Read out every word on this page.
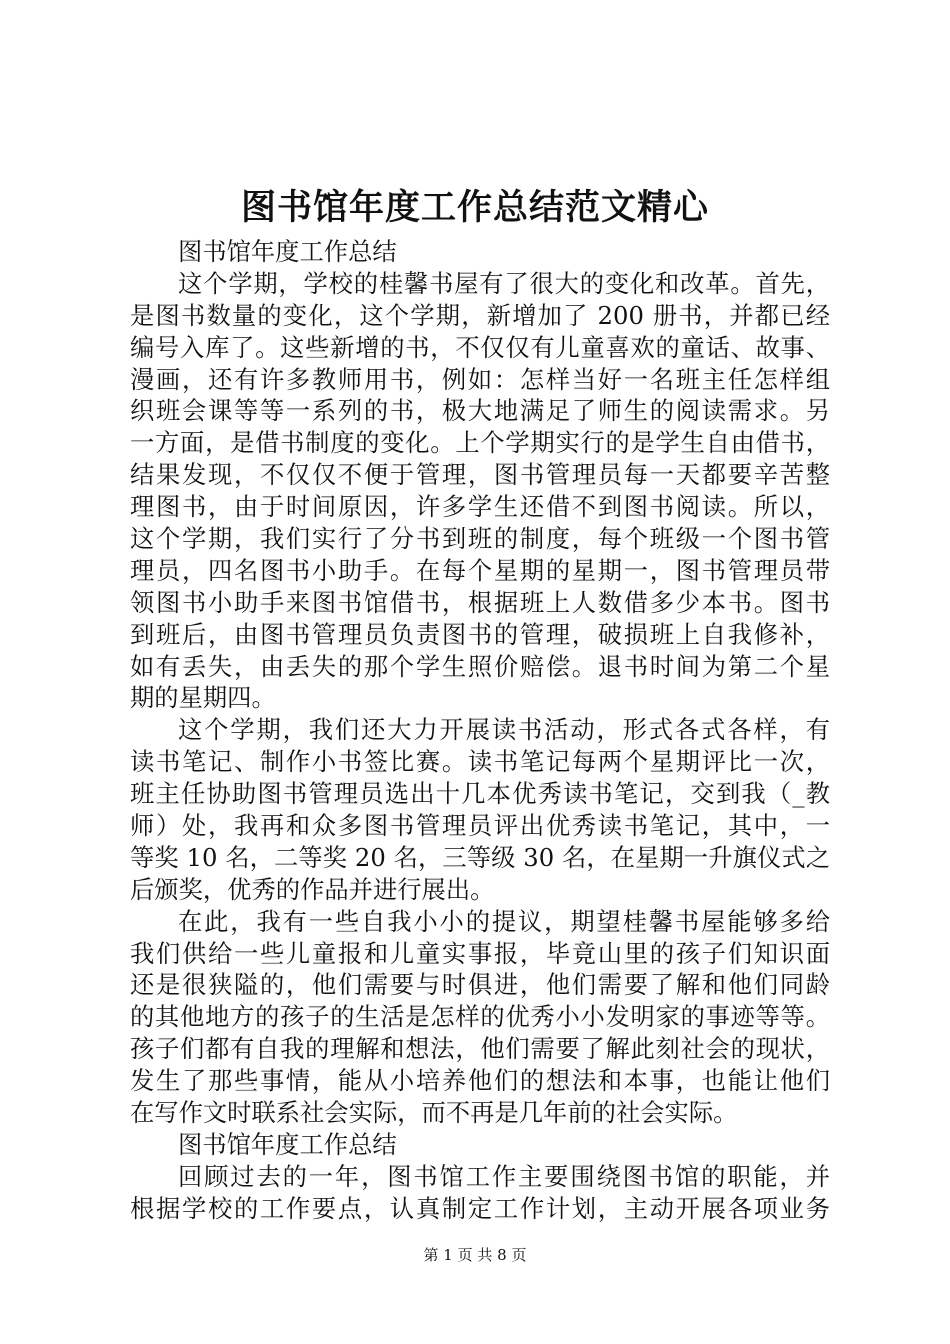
图书馆年度工作总结范文精心
图书馆年度工作总结
这个学期，学校的桂馨书屋有了很大的变化和改革。首先，
是图书数量的变化，这个学期，新增加了 200 册书，并都已经
编号入库了。这些新增的书，不仅仅有儿童喜欢的童话、故事、
漫画，还有许多教师用书，例如：怎样当好一名班主任怎样组
织班会课等等一系列的书，极大地满足了师生的阅读需求。另
一方面，是借书制度的变化。上个学期实行的是学生自由借书，
结果发现，不仅仅不便于管理，图书管理员每一天都要辛苦整
理图书，由于时间原因，许多学生还借不到图书阅读。所以，
这个学期，我们实行了分书到班的制度，每个班级一个图书管
理员，四名图书小助手。在每个星期的星期一，图书管理员带
领图书小助手来图书馆借书，根据班上人数借多少本书。图书
到班后，由图书管理员负责图书的管理，破损班上自我修补，
如有丢失，由丢失的那个学生照价赔偿。退书时间为第二个星
期的星期四。
这个学期，我们还大力开展读书活动，形式各式各样，有
读书笔记、制作小书签比赛。读书笔记每两个星期评比一次，
班主任协助图书管理员选出十几本优秀读书笔记，交到我（_教
师）处，我再和众多图书管理员评出优秀读书笔记，其中，一
等奖 10 名，二等奖 20 名，三等级 30 名，在星期一升旗仪式之
后颁奖，优秀的作品并进行展出。
在此，我有一些自我小小的提议，期望桂馨书屋能够多给
我们供给一些儿童报和儿童实事报，毕竟山里的孩子们知识面
还是很狭隘的，他们需要与时俱进，他们需要了解和他们同龄
的其他地方的孩子的生活是怎样的优秀小小发明家的事迹等等。
孩子们都有自我的理解和想法，他们需要了解此刻社会的现状，
发生了那些事情，能从小培养他们的想法和本事，也能让他们
在写作文时联系社会实际，而不再是几年前的社会实际。
图书馆年度工作总结
回顾过去的一年，图书馆工作主要围绕图书馆的职能，并
根据学校的工作要点，认真制定工作计划，主动开展各项业务
第 1 页 共 8 页
